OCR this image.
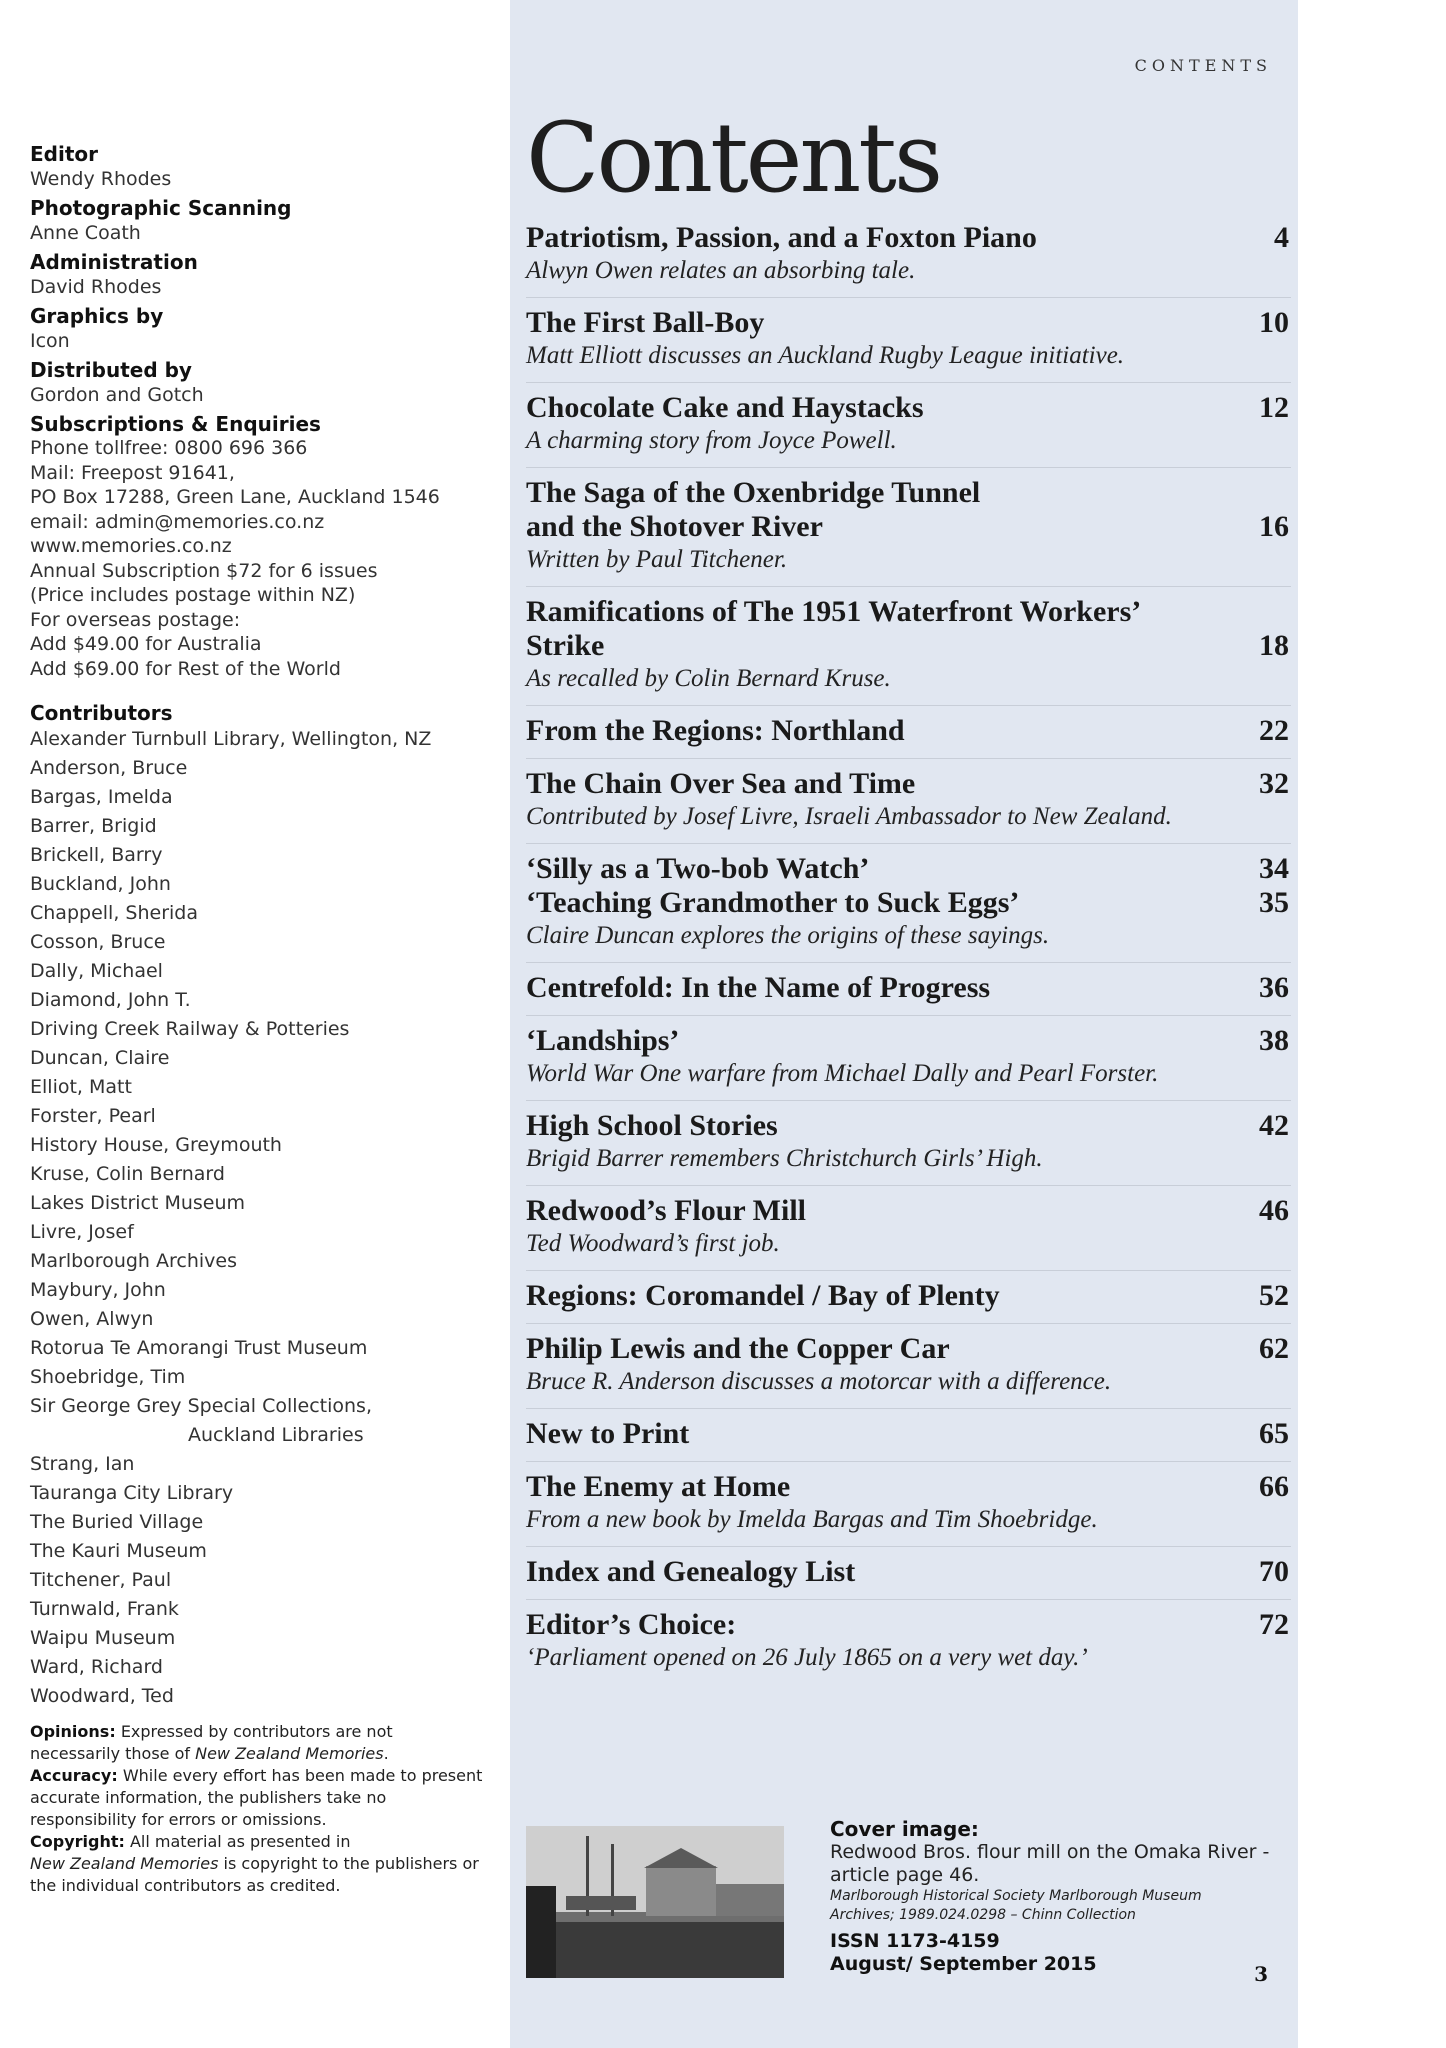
Editor
Wendy Rhodes
Photographic Scanning
Anne Coath
Administration
David Rhodes
Graphics by
Icon
Distributed by
Gordon and Gotch
Subscriptions & Enquiries
Phone tollfree: 0800 696 366
Mail: Freepost 91641,
PO Box 17288, Green Lane, Auckland 1546
email: admin@memories.co.nz
www.memories.co.nz
Annual Subscription $72 for 6 issues
(Price includes postage within NZ)
For overseas postage:
Add $49.00 for Australia
Add $69.00 for Rest of the World
Contributors
Alexander Turnbull Library, Wellington, NZ
Anderson, Bruce
Bargas, Imelda
Barrer, Brigid
Brickell, Barry
Buckland, John
Chappell, Sherida
Cosson, Bruce
Dally, Michael
Diamond, John T.
Driving Creek Railway & Potteries
Duncan, Claire
Elliot, Matt
Forster, Pearl
History House, Greymouth
Kruse, Colin Bernard
Lakes District Museum
Livre, Josef
Marlborough Archives
Maybury, John
Owen, Alwyn
Rotorua Te Amorangi Trust Museum
Shoebridge, Tim
Sir George Grey Special Collections,
Auckland Libraries
Strang, Ian
Tauranga City Library
The Buried Village
The Kauri Museum
Titchener, Paul
Turnwald, Frank
Waipu Museum
Ward, Richard
Woodward, Ted
Opinions: Expressed by contributors are not necessarily those of New Zealand Memories.
Accuracy: While every effort has been made to present accurate information, the publishers take no responsibility for errors or omissions.
Copyright: All material as presented in
New Zealand Memories is copyright to the publishers or the individual contributors as credited.
CONTENTS
Contents
Patriotism, Passion, and a Foxton Piano	4
Alwyn Owen relates an absorbing tale.
The First Ball-Boy	10
Matt Elliott discusses an Auckland Rugby League initiative.
Chocolate Cake and Haystacks	12
A charming story from Joyce Powell.
The Saga of the Oxenbridge Tunnel
and the Shotover River	16
Written by Paul Titchener.
Ramifications of The 1951 Waterfront Workers’
Strike	18
As recalled by Colin Bernard Kruse.
From the Regions: Northland	22
The Chain Over Sea and Time	32
Contributed by Josef Livre, Israeli Ambassador to New Zealand.
‘Silly as a Two-bob Watch’	34
‘Teaching Grandmother to Suck Eggs’	35
Claire Duncan explores the origins of these sayings.
Centrefold: In the Name of Progress	36
‘Landships’	38
World War One warfare from Michael Dally and Pearl Forster.
High School Stories	42
Brigid Barrer remembers Christchurch Girls’ High.
Redwood’s Flour Mill	46
Ted Woodward’s first job.
Regions: Coromandel / Bay of Plenty	52
Philip Lewis and the Copper Car	62
Bruce R. Anderson discusses a motorcar with a difference.
New to Print	65
The Enemy at Home	66
From a new book by Imelda Bargas and Tim Shoebridge.
Index and Genealogy List	70
Editor’s Choice:	72
‘Parliament opened on 26 July 1865 on a very wet day.’
Cover image:
Redwood Bros. flour mill on the Omaka River - article page 46.
Marlborough Historical Society Marlborough Museum Archives; 1989.024.0298 – Chinn Collection
ISSN 1173-4159
August/ September 2015	3
